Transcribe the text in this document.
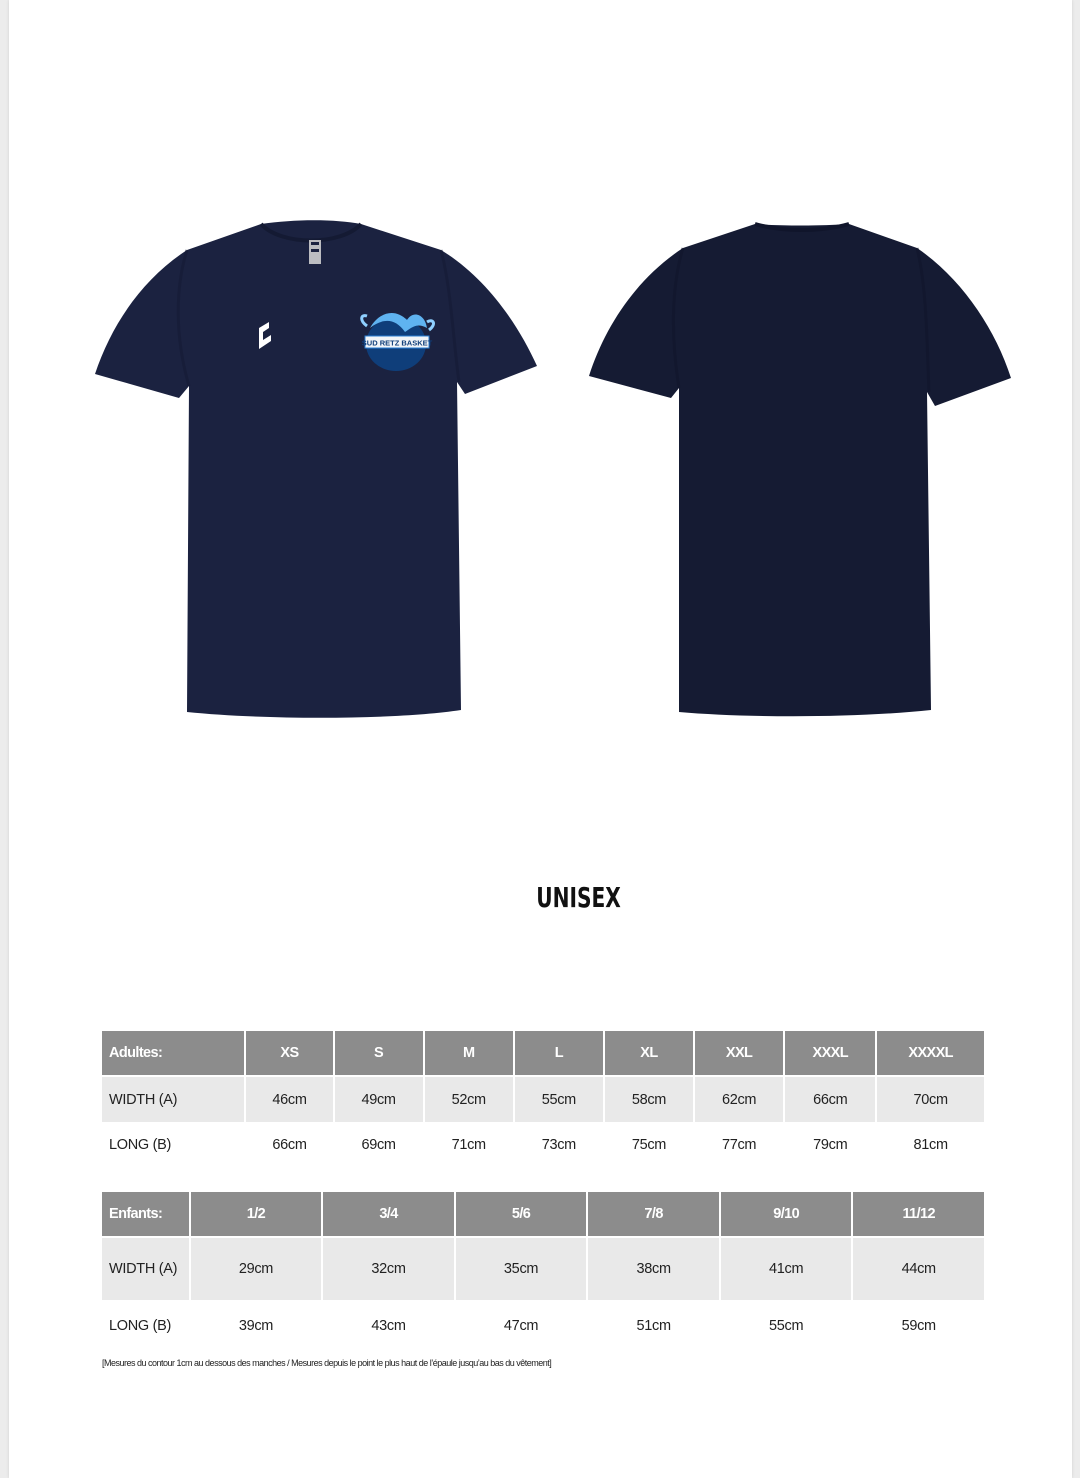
SUD RETZ BASKET
UNISEX
Adultes:	XS	S	M	L	XL	XXL	XXXL	XXXXL
WIDTH (A)	46cm	49cm	52cm	55cm	58cm	62cm	66cm	70cm
LONG (B)	66cm	69cm	71cm	73cm	75cm	77cm	79cm	81cm
Enfants:	1/2	3/4	5/6	7/8	9/10	11/12
WIDTH (A)	29cm	32cm	35cm	38cm	41cm	44cm
LONG (B)	39cm	43cm	47cm	51cm	55cm	59cm
[Mesures du contour 1cm au dessous des manches / Mesures depuis le point le plus haut de l’épaule jusqu’au bas du vêtement]
